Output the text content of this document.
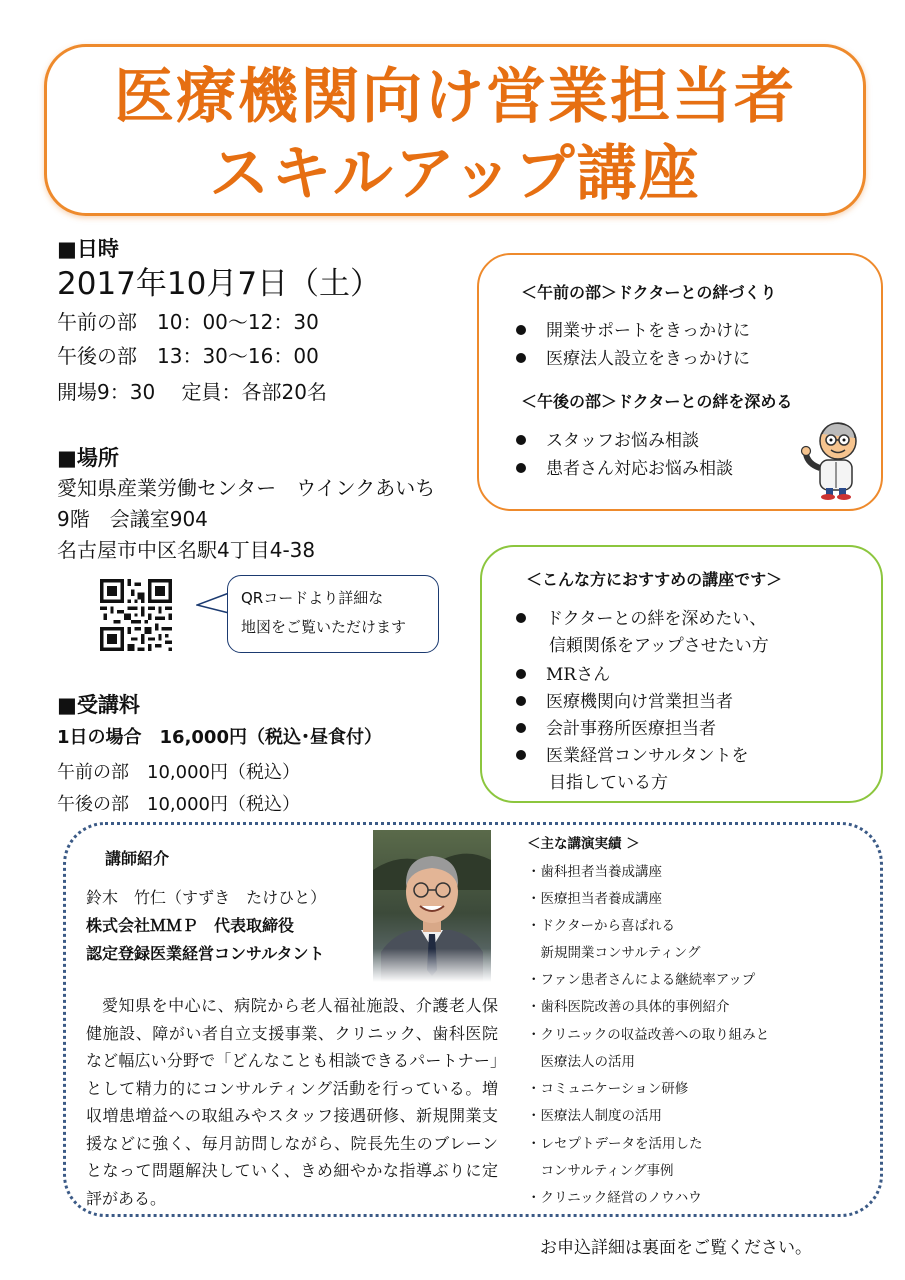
医療機関向け営業担当者
スキルアップ講座
■日時
2017年10月7日（土）
午前の部　10：00～12：30
午後の部　13：30～16：00
開場9：30　 定員：各部20名
■場所
愛知県産業労働センター　ウインクあいち
9階　会議室904
名古屋市中区名駅4丁目4-38
QRコードより詳細な
地図をご覧いただけます
■受講料
1日の場合　16,000円（税込･昼食付）
午前の部　10,000円（税込）
午後の部　10,000円（税込）
＜午前の部＞ドクターとの絆づくり
開業サポートをきっかけに
医療法人設立をきっかけに
＜午後の部＞ドクターとの絆を深める
スタッフお悩み相談
患者さん対応お悩み相談
＜こんな方におすすめの講座です＞
ドクターとの絆を深めたい、
信頼関係をアップさせたい方
MRさん
医療機関向け営業担当者
会計事務所医療担当者
医業経営コンサルタントを
目指している方
講師紹介
鈴木　竹仁（すずき　たけひと）
株式会社ＭＭＰ　代表取締役
認定登録医業経営コンサルタント
愛知県を中心に、病院から老人福祉施設、介護老人保健施設、障がい者自立支援事業、クリニック、歯科医院など幅広い分野で「どんなことも相談できるパートナー」として精力的にコンサルティング活動を行っている。増収増患増益への取組みやスタッフ接遇研修、新規開業支援などに強く、毎月訪問しながら、院長先生のブレーンとなって問題解決していく、きめ細やかな指導ぶりに定評がある。
＜主な講演実績 ＞
・歯科担者当養成講座
・医療担当者養成講座
・ドクターから喜ばれる
　新規開業コンサルティング
・ファン患者さんによる継続率アップ
・歯科医院改善の具体的事例紹介
・クリニックの収益改善への取り組みと
　医療法人の活用
・コミュニケーション研修
・医療法人制度の活用
・レセプトデータを活用した
　コンサルティング事例
・クリニック経営のノウハウ
お申込詳細は裏面をご覧ください。
